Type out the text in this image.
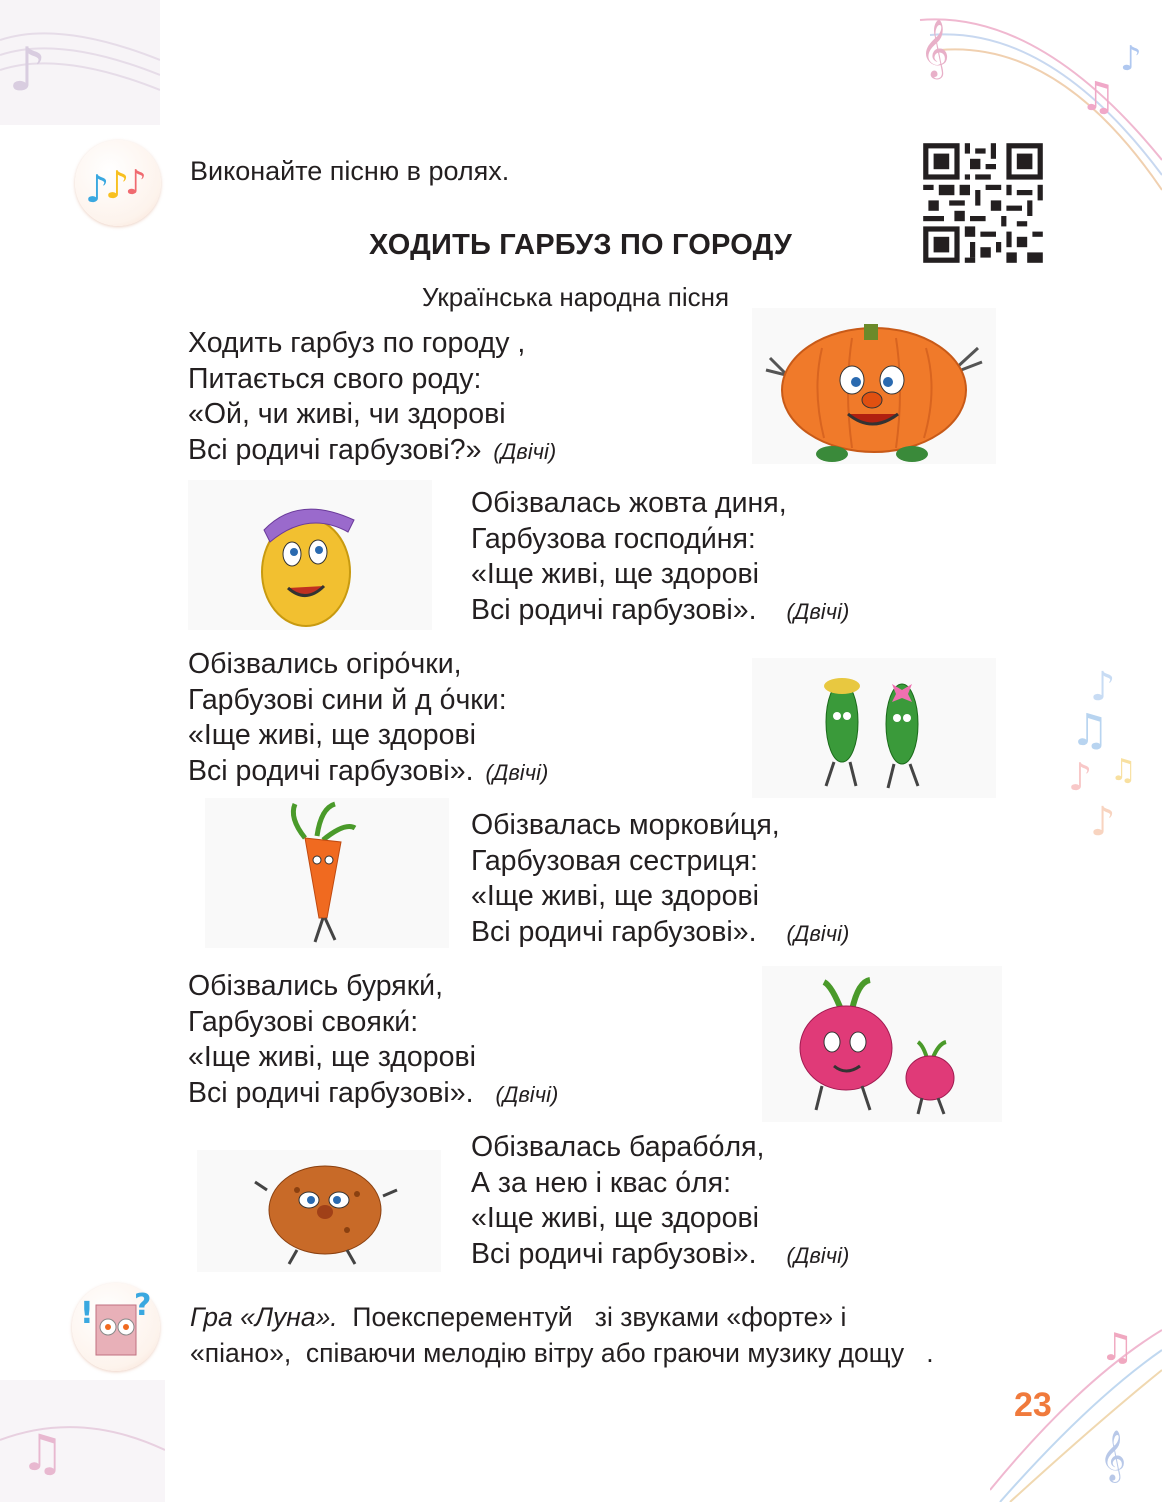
♪	𝄞
♫
♪
♪
♫
♫
♪
♪
♫
♫
𝄞
♪
♪
♪ Виконайте пісню в ролях.
ХОДИТЬ ГАРБУЗ ПО ГОРОДУ
Українська народна пісня
Ходить гарбуз по городу ,
Питається свого роду:
«Ой, чи живі, чи здорові
Всі родичі гарбузові?» (Двічі)
Обізвалась жовта диня,
Гарбузова господи́ня:
«Іще живі, ще здорові
Всі родичі гарбузові». (Двічі)
Обізвались огіро́чки,
Гарбузові сини й д о́чки:
«Іще живі, ще здорові
Всі родичі гарбузові». (Двічі)
Обізвалась моркови́ця,
Гарбузовая сестриця:
«Іще живі, ще здорові
Всі родичі гарбузові». (Двічі)
Обізвались буряки́,
Гарбузові свояки́:
«Іще живі, ще здорові
Всі родичі гарбузові». (Двічі)
Обізвалась барабо́ля,
А за нею і квас о́ля:
«Іще живі, ще здорові
Всі родичі гарбузові». (Двічі)
! ? Гра «Луна».  Поексперементуй   зі звуками «форте» і
«піано»,  співаючи мелодію вітру або граючи музику дощу   .
23
